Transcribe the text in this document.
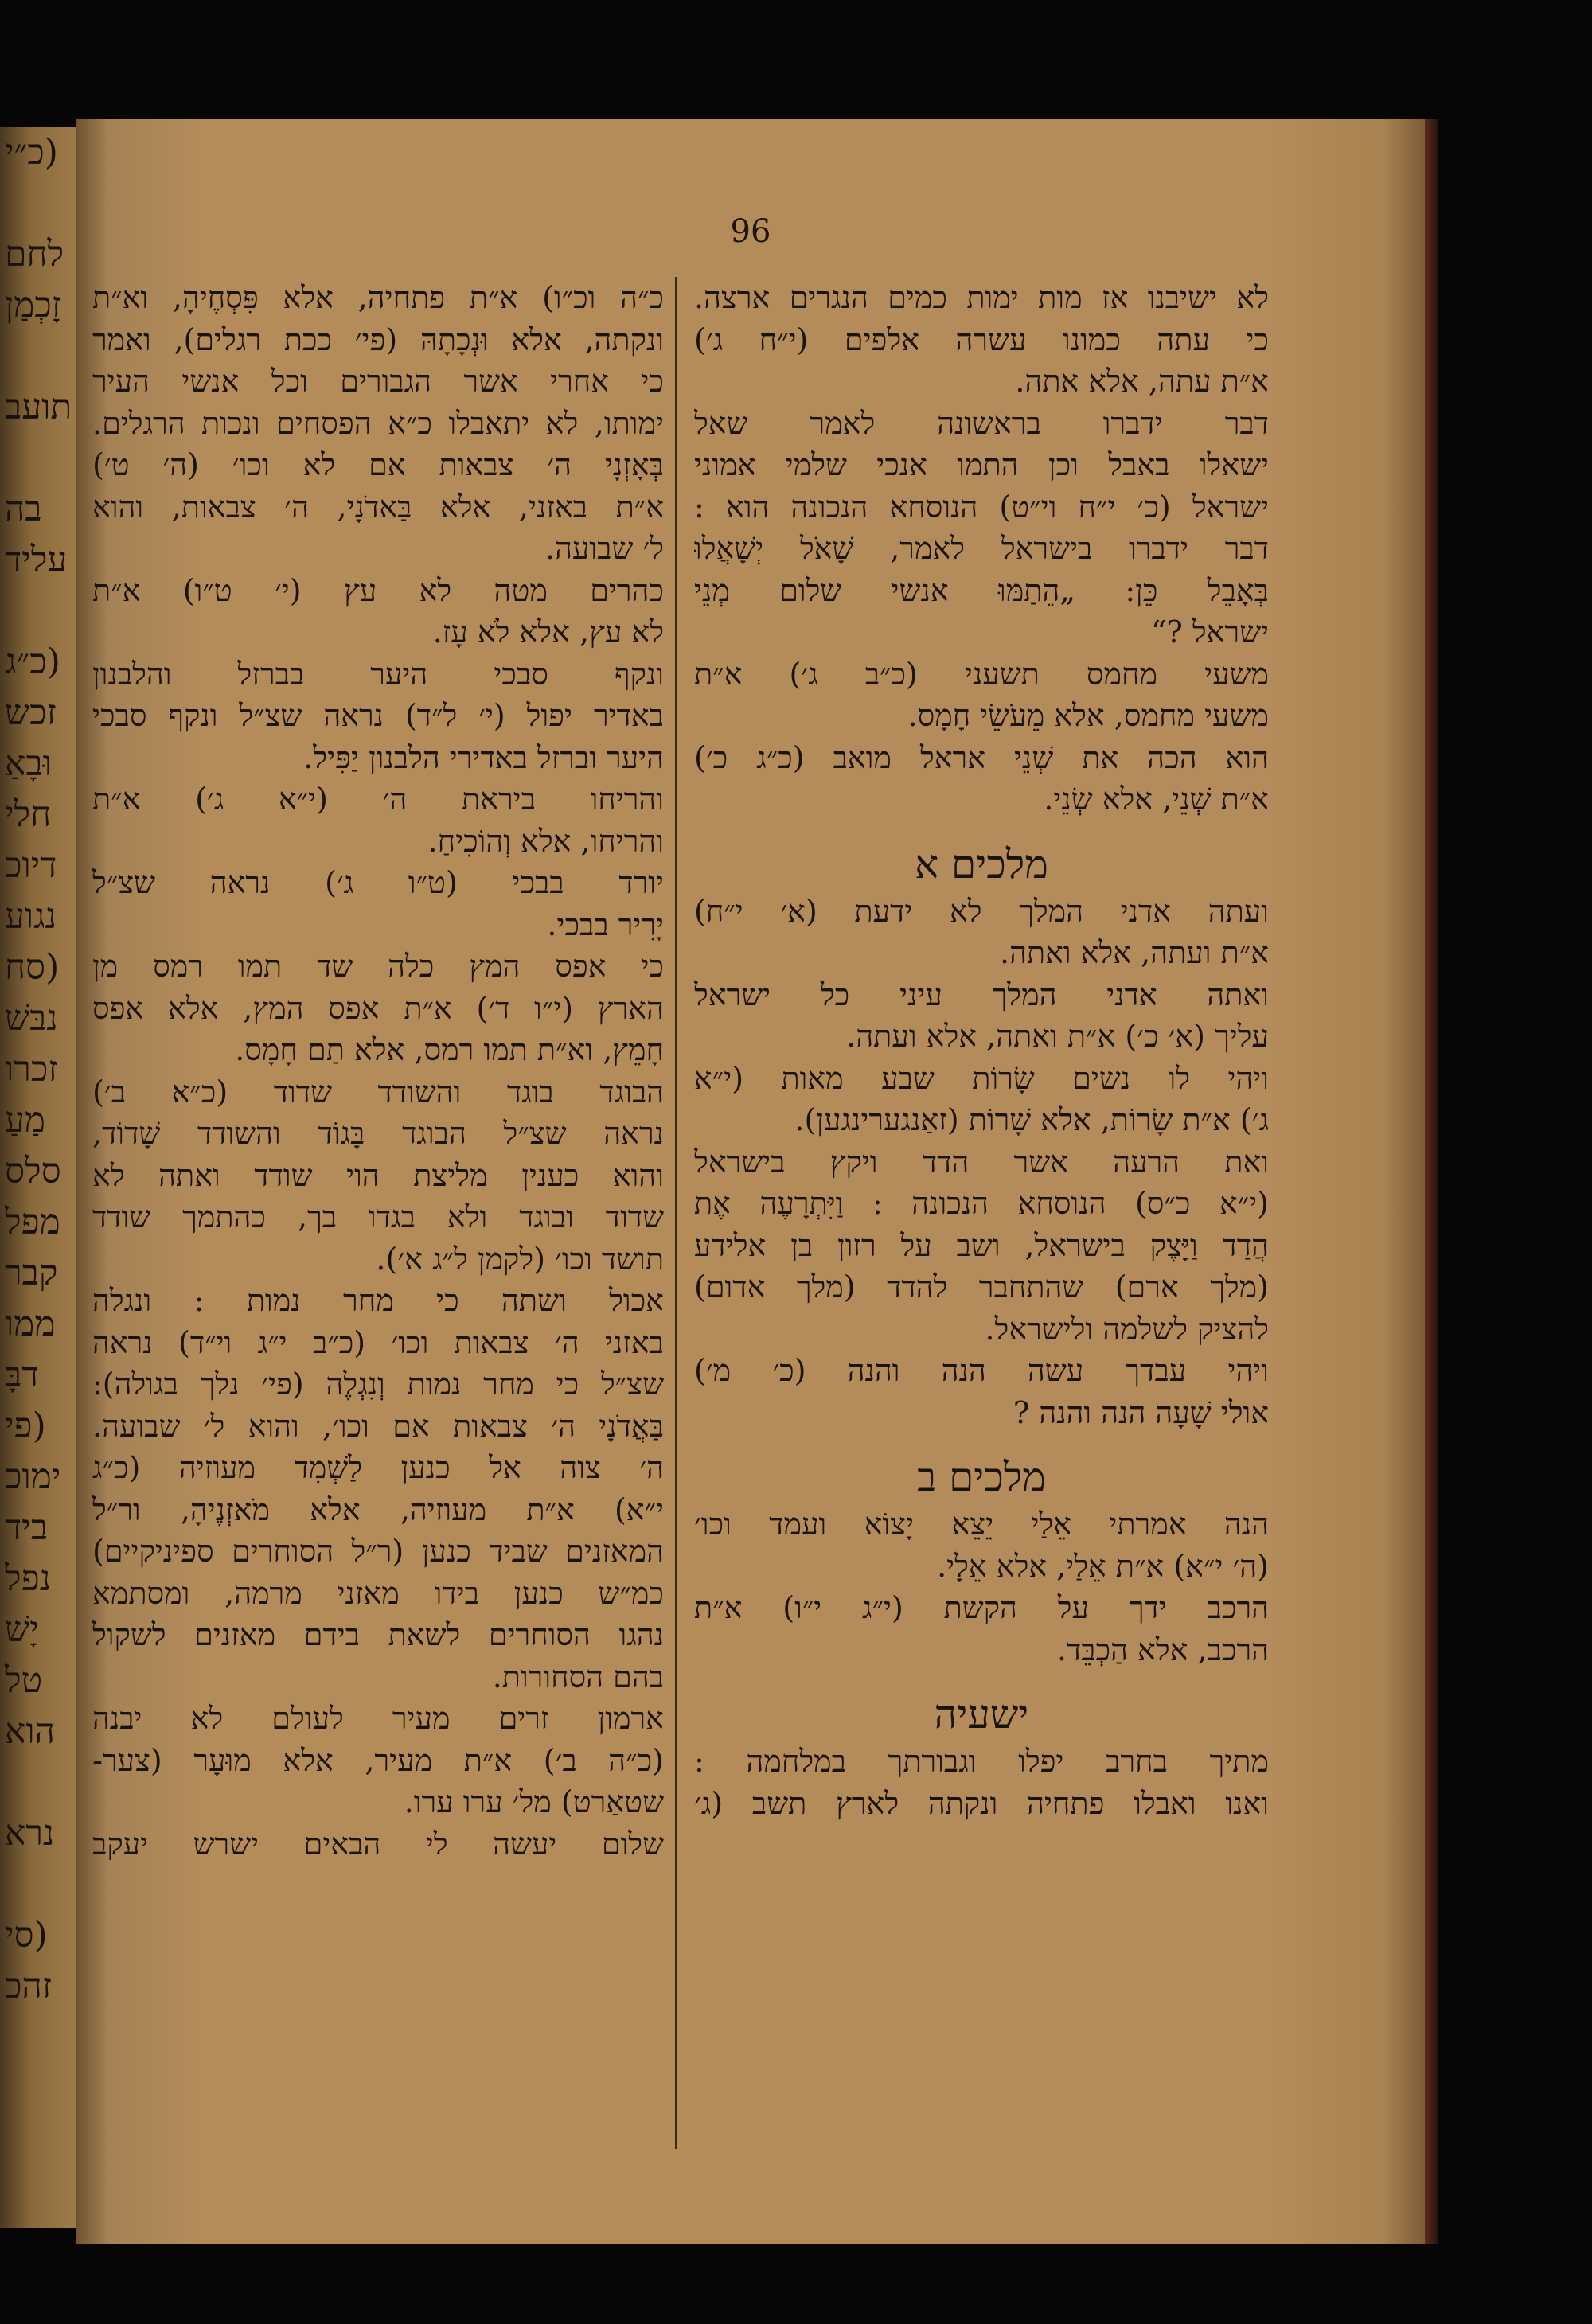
(כ״י
לחם
זָכְמַן
תועב
בה
עליד
(כ״ג
זכש
וּבָאַ
חלי
דיוכ
נגוע
(סח
נבּשׁ
זכרו
מַעַ
סלס
מפל
קבר
ממו
דבָּ
(פי
ימוכ
ביד
נפל
יָשׁ
טל
הוא
נרא
(סי
זהכ
96
לא ישיבנו אז מות ימות כמים הנגרים ארצה.
כי עתה כמונו עשרה אלפים (י״ח ג׳)
א״ת עתה, אלא אתה.
דבר ידברו בראשונה לאמר שאל
ישאלו באבל וכן התמו אנכי שלמי אמוני
ישראל (כ׳ י״ח וי״ט) הנוסחא הנכונה הוא :
דבר ידברו בישראל לאמר, שָׁאֹל יְשָׁאֲלוּ
בְּאָבֵל כֵּן: „הֵתַמּוּ אנשי שלום מְנֵי
ישראל ?“
משעי מחמס תשעני (כ״ב ג׳) א״ת
משעי מחמס, אלא מֵעֹשֵׂי חָמָס.
הוא הכה את שְׁנֵי אראל מואב (כ״ג כ׳)
א״ת שְׁנֵי, אלא שְׂנֵי.
מלכים א
ועתה אדני המלך לא ידעת (א׳ י״ח)
א״ת ועתה, אלא ואתה.
ואתה אדני המלך עיני כל ישראל
עליך (א׳ כ׳) א״ת ואתה, אלא ועתה.
ויהי לו נשים שָׂרוֹת שבע מאות (י״א
ג׳) א״ת שָׂרוֹת, אלא שָׁרוֹת (זאַנגערינגען).
ואת הרעה אשר הדד ויקץ בישראל
(י״א כ״ס) הנוסחא הנכונה : וַיִּתְרָעֶה אֶת
הֲדַד וַיָּצֶק בישראל, ושב על רזון בן אלידע
(מלך ארם) שהתחבר להדד (מלך אדום)
להציק לשלמה ולישראל.
ויהי עבדך עשה הנה והנה (כ׳ מ׳)
אולי שָׁעָה הנה והנה ?
מלכים ב
הנה אמרתי אֵלַי יֵצֵא יָצוֹא ועמד וכו׳
(ה׳ י״א) א״ת אֵלַי, אלא אֵלָי.
הרכב ידך על הקשת (י״ג י״ו) א״ת
הרכב, אלא הַכְבֵּד.
ישעיה
מתיך בחרב יפלו וגבורתך במלחמה :
ואנו ואבלו פתחיה ונקתה לארץ תשב (ג׳
כ״ה וכ״ו) א״ת פתחיה, אלא פִּסְחֶיהָ, וא״ת
ונקתה, אלא וּנְכָתָהּ (פי׳ ככת רגלים), ואמר
כי אחרי אשר הגבורים וכל אנשי העיר
ימותו, לא יתאבלו כ״א הפסחים ונכות הרגלים.
בְּאָזְנָי ה׳ צבאות אם לא וכו׳ (ה׳ ט׳)
א״ת באזני, אלא בַּאדֹנָי, ה׳ צבאות, והוא
ל׳ שבועה.
כהרים מטה לא עץ (י׳ ט״ו) א״ת
לא עץ, אלא לֹא עָז.
ונקף סבכי היער בברזל והלבנון
באדיר יפול (י׳ ל״ד) נראה שצ״ל ונקף סבכי
היער וברזל באדירי הלבנון יַפִּיל.
והריחו ביראת ה׳ (י״א ג׳) א״ת
והריחו, אלא וְהוֹכִיחַ.
יורד בבכי (ט״ו ג׳) נראה שצ״ל
יָרִיר בבכי.
כי אפס המץ כלה שד תמו רמס מן
הארץ (י״ו ד׳) א״ת אפס המץ, אלא אפס
חָמֵץ, וא״ת תמו רמס, אלא תַם חָמָס.
הבוגד בוגד והשודד שדוד (כ״א ב׳)
נראה שצ״ל הבוגד בָּגוֹד והשודד שָׁדוֹד,
והוא כענין מליצת הוי שודד ואתה לא
שדוד ובוגד ולא בגדו בך, כהתמך שודד
תושד וכו׳ (לקמן ל״ג א׳).
אכול ושתה כי מחר נמות : ונגלה
באזני ה׳ צבאות וכו׳ (כ״ב י״ג וי״ד) נראה
שצ״ל כי מחר נמות וְנִגְלֶה (פי׳ נלך בגולה):
בַּאֲדֹנָי ה׳ צבאות אם וכו׳, והוא ל׳ שבועה.
ה׳ צוה אל כנען לַשְׁמִד מעוזיה (כ״ג
י״א) א״ת מעוזיה, אלא מֹאזְנֶיהָ, ור״ל
המאזנים שביד כנען (ר״ל הסוחרים ספיניקיים)
כמ״ש כנען בידו מאזני מרמה, ומסתמא
נהגו הסוחרים לשאת בידם מאזנים לשקול
בהם הסחורות.
ארמון זרים מעיר לעולם לא יבנה
(כ״ה ב׳) א״ת מעיר, אלא מוּעָר (צער-
שטאַרט) מל׳ ערו ערו.
שלום יעשה לי הבאים ישרש יעקב
